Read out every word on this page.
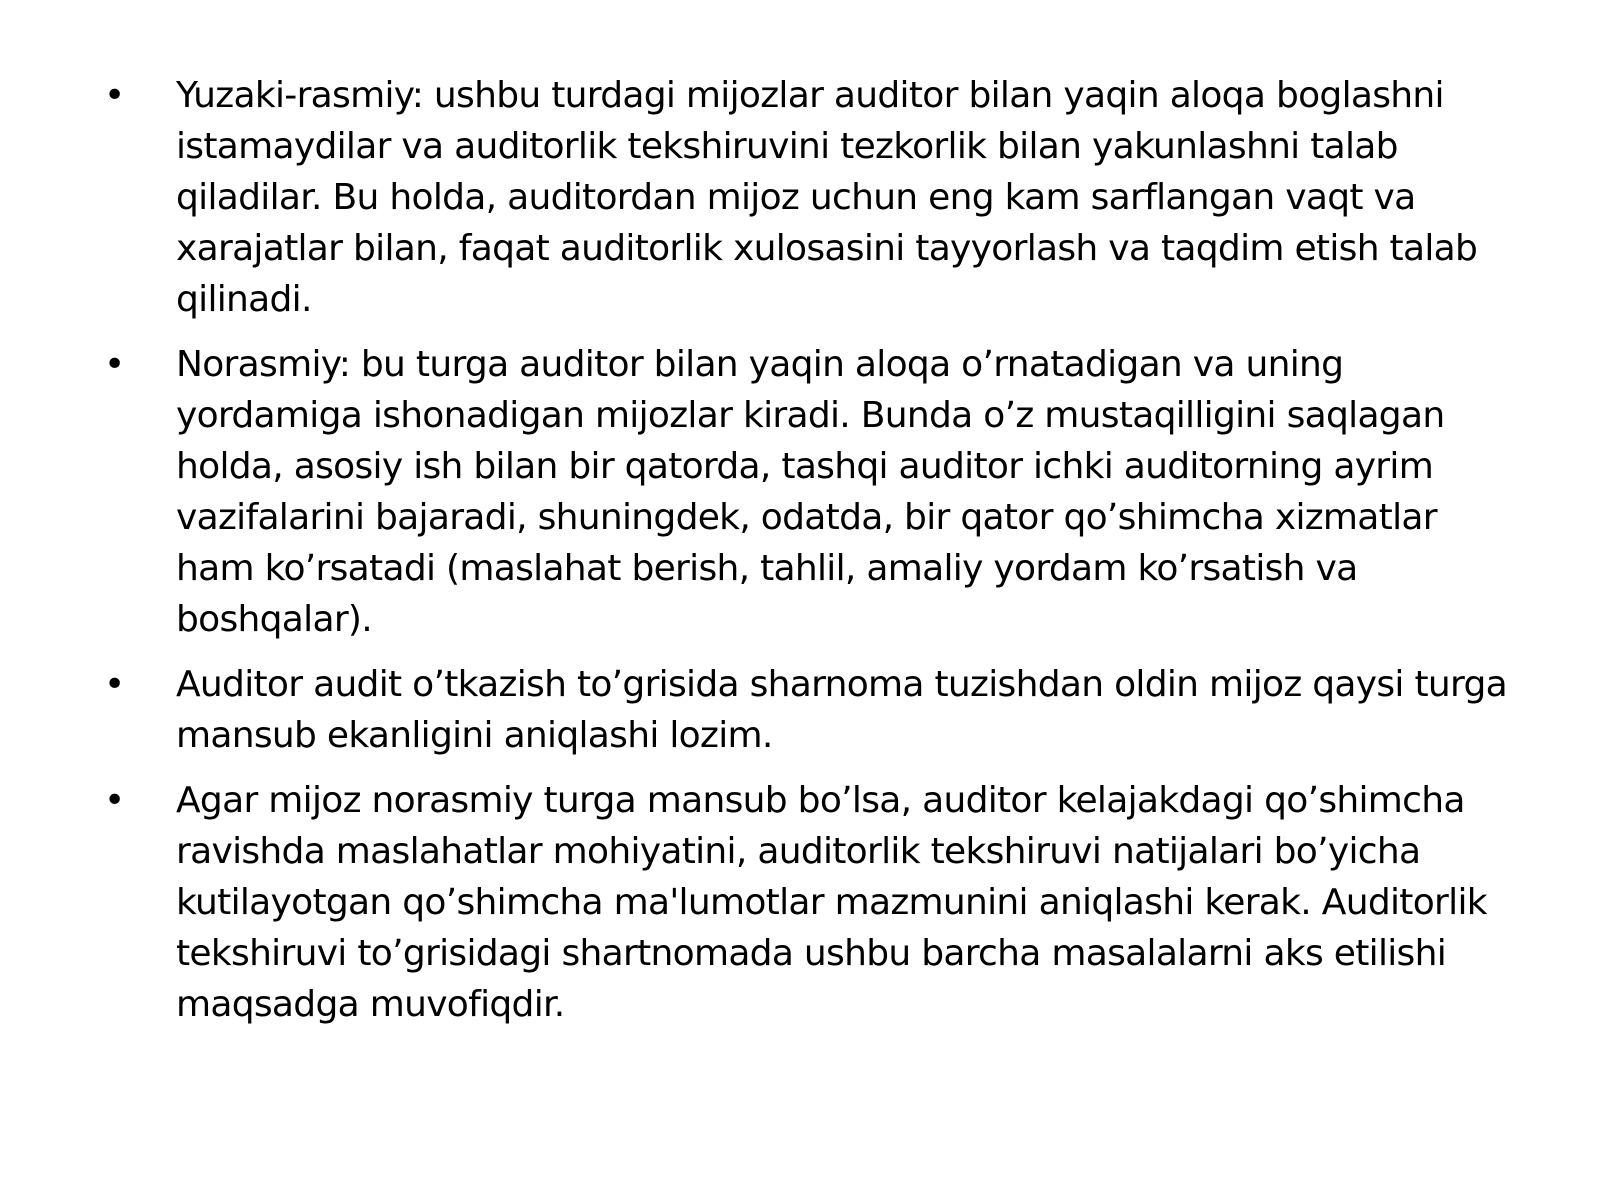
• Yuzaki-rasmiy: ushbu turdagi mijozlar auditor bilan yaqin aloqa boglashni istamaydilar va auditorlik tekshiruvini tezkorlik bilan yakunlashni talab qiladilar. Bu holda, auditordan mijoz uchun eng kam sarflangan vaqt va xarajatlar bilan, faqat auditorlik xulosasini tayyorlash va taqdim etish talab qilinadi.
• Norasmiy: bu turga auditor bilan yaqin aloqa o’rnatadigan va uning yordamiga ishonadigan mijozlar kiradi. Bunda o’z mustaqilligini saqlagan holda, asosiy ish bilan bir qatorda, tashqi auditor ichki auditorning ayrim vazifalarini bajaradi, shuningdek, odatda, bir qator qo’shimcha xizmatlar ham ko’rsatadi (maslahat berish, tahlil, amaliy yordam ko’rsatish va boshqalar).
• Auditor audit o’tkazish to’grisida sharnoma tuzishdan oldin mijoz qaysi turga mansub ekanligini aniqlashi lozim.
• Agar mijoz norasmiy turga mansub bo’lsa, auditor kelajakdagi qo’shimcha ravishda maslahatlar mohiyatini, auditorlik tekshiruvi natijalari bo’yicha kutilayotgan qo’shimcha ma'lumotlar mazmunini aniqlashi kerak. Auditorlik tekshiruvi to’grisidagi shartnomada ushbu barcha masalalarni aks etilishi maqsadga muvofiqdir.
